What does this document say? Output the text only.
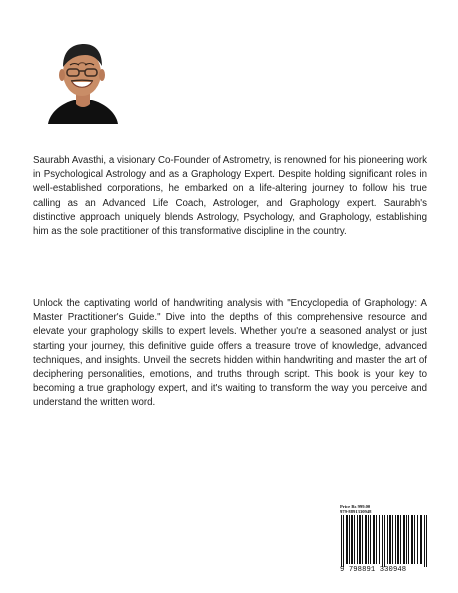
Saurabh Avasthi, a visionary Co-Founder of Astrometry, is renowned for his pioneering work in Psychological Astrology and as a Graphology Expert. Despite holding significant roles in well-established corporations, he embarked on a life-altering journey to follow his true calling as an Advanced Life Coach, Astrologer, and Graphology expert. Saurabh's distinctive approach uniquely blends Astrology, Psychology, and Graphology, establishing him as the sole practitioner of this transformative discipline in the country.

Unlock the captivating world of handwriting analysis with "Encyclopedia of Graphology: A Master Practitioner's Guide." Dive into the depths of this comprehensive resource and elevate your graphology skills to expert levels. Whether you're a seasoned analyst or just starting your journey, this definitive guide offers a treasure trove of knowledge, advanced techniques, and insights. Unveil the secrets hidden within handwriting and master the art of deciphering personalities, emotions, and truths through script. This book is your key to becoming a true graphology expert, and it's waiting to transform the way you perceive and understand the written word.

Price Rs 999.00
979-8891330948
9 798891 330948
